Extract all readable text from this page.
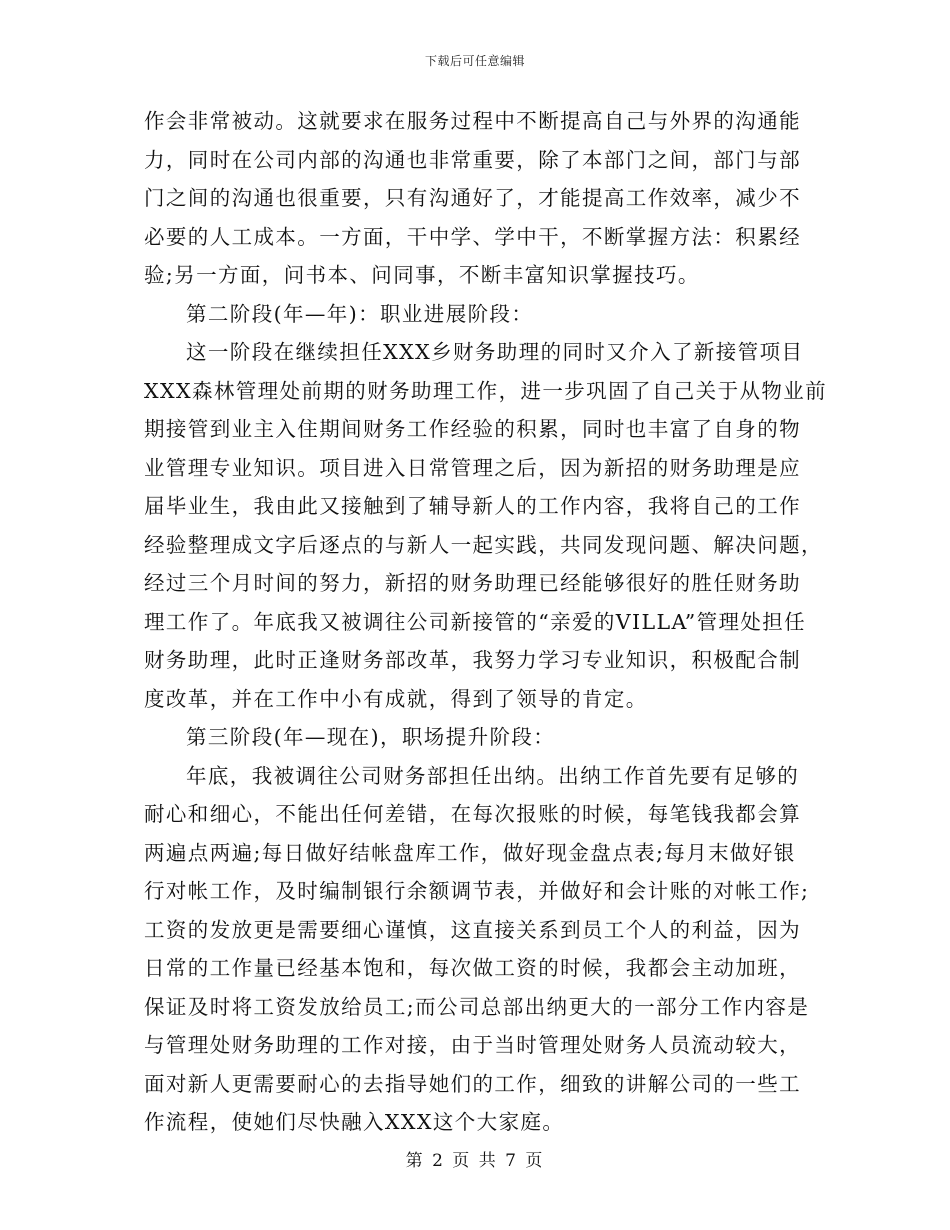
下载后可任意编辑
作会非常被动。这就要求在服务过程中不断提高自己与外界的沟通能
力，同时在公司内部的沟通也非常重要，除了本部门之间，部门与部
门之间的沟通也很重要，只有沟通好了，才能提高工作效率，减少不
必要的人工成本。一方面，干中学、学中干，不断掌握方法：积累经
验;另一方面，问书本、问同事，不断丰富知识掌握技巧。
第二阶段(年—年)：职业进展阶段：
这一阶段在继续担任XXX乡财务助理的同时又介入了新接管项目
XXX森林管理处前期的财务助理工作，进一步巩固了自己关于从物业前
期接管到业主入住期间财务工作经验的积累，同时也丰富了自身的物
业管理专业知识。项目进入日常管理之后，因为新招的财务助理是应
届毕业生，我由此又接触到了辅导新人的工作内容，我将自己的工作
经验整理成文字后逐点的与新人一起实践，共同发现问题、解决问题，
经过三个月时间的努力，新招的财务助理已经能够很好的胜任财务助
理工作了。年底我又被调往公司新接管的“亲爱的VILLA”管理处担任
财务助理，此时正逢财务部改革，我努力学习专业知识，积极配合制
度改革，并在工作中小有成就，得到了领导的肯定。
第三阶段(年—现在)，职场提升阶段：
年底，我被调往公司财务部担任出纳。出纳工作首先要有足够的
耐心和细心，不能出任何差错，在每次报账的时候，每笔钱我都会算
两遍点两遍;每日做好结帐盘库工作，做好现金盘点表;每月末做好银
行对帐工作，及时编制银行余额调节表，并做好和会计账的对帐工作;
工资的发放更是需要细心谨慎，这直接关系到员工个人的利益，因为
日常的工作量已经基本饱和，每次做工资的时候，我都会主动加班，
保证及时将工资发放给员工;而公司总部出纳更大的一部分工作内容是
与管理处财务助理的工作对接，由于当时管理处财务人员流动较大，
面对新人更需要耐心的去指导她们的工作，细致的讲解公司的一些工
作流程，使她们尽快融入XXX这个大家庭。
第 2 页 共 7 页
